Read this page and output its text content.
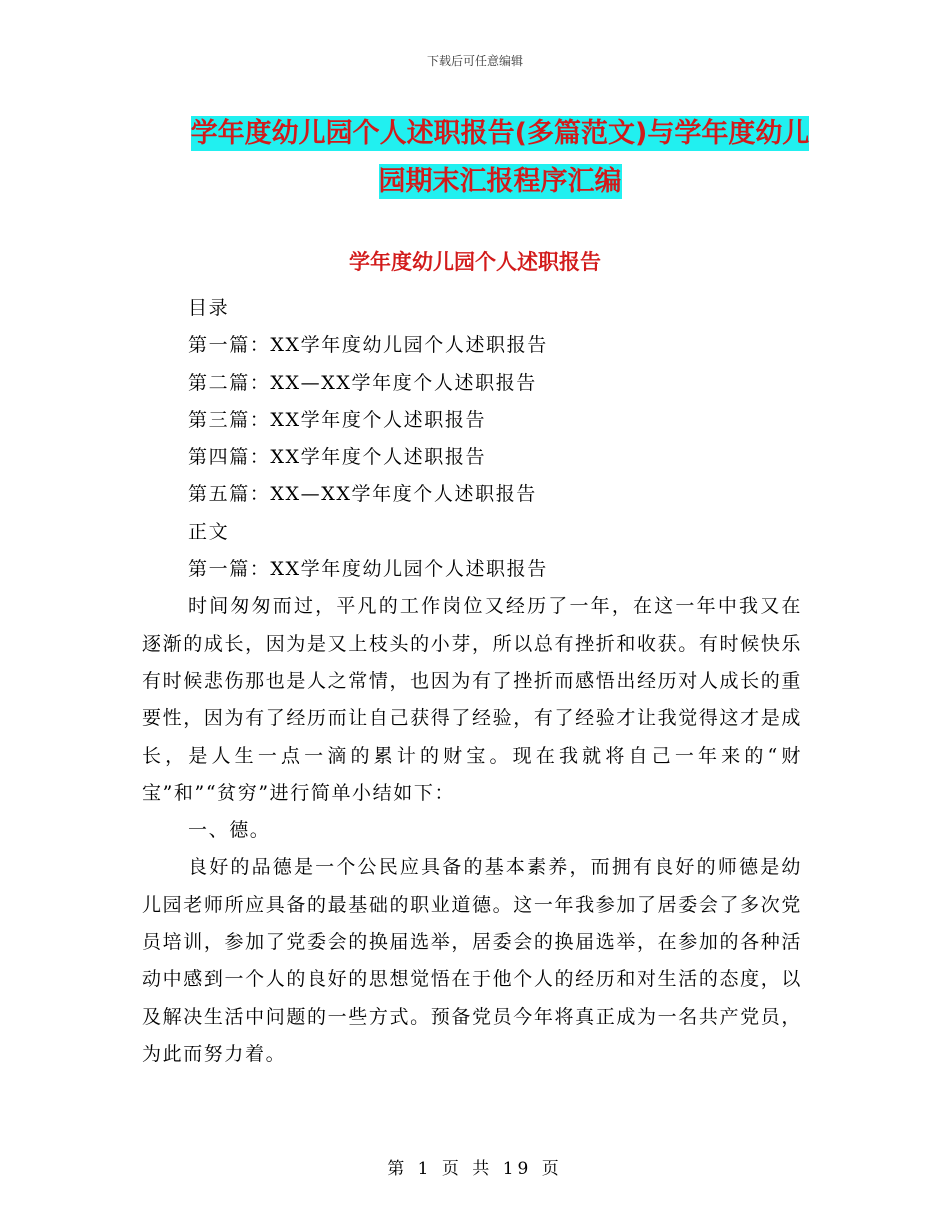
下载后可任意编辑
学年度幼儿园个人述职报告(多篇范文)与学年度幼儿
园期末汇报程序汇编
学年度幼儿园个人述职报告
目录
第一篇：XX学年度幼儿园个人述职报告
第二篇：XX—XX学年度个人述职报告
第三篇：XX学年度个人述职报告
第四篇：XX学年度个人述职报告
第五篇：XX—XX学年度个人述职报告
正文
第一篇：XX学年度幼儿园个人述职报告

时间匆匆而过，平凡的工作岗位又经历了一年，在这一年中我又在逐渐的成长，因为是又上枝头的小芽，所以总有挫折和收获。有时候快乐有时候悲伤那也是人之常情，也因为有了挫折而感悟出经历对人成长的重要性，因为有了经历而让自己获得了经验，有了经验才让我觉得这才是成长，是人生一点一滴的累计的财宝。现在我就将自己一年来的“财宝”和”“贫穷”进行简单小结如下：

一、德。

良好的品德是一个公民应具备的基本素养，而拥有良好的师德是幼儿园老师所应具备的最基础的职业道德。这一年我参加了居委会了多次党员培训，参加了党委会的换届选举，居委会的换届选举，在参加的各种活动中感到一个人的良好的思想觉悟在于他个人的经历和对生活的态度，以及解决生活中问题的一些方式。预备党员今年将真正成为一名共产党员，为此而努力着。

第 1 页 共 19 页
